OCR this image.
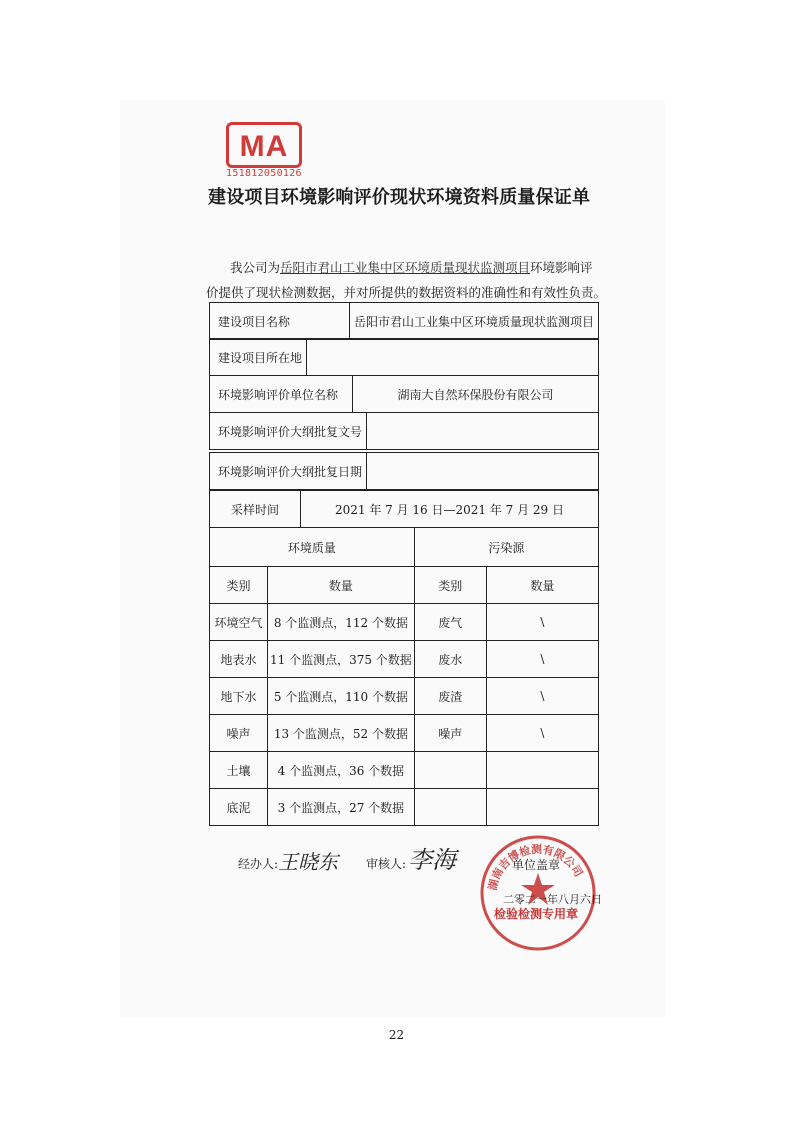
MA
151812050126
建设项目环境影响评价现状环境资料质量保证单
我公司为岳阳市君山工业集中区环境质量现状监测项目环境影响评
价提供了现状检测数据，并对所提供的数据资料的准确性和有效性负责。
建设项目名称	岳阳市君山工业集中区环境质量现状监测项目
建设项目所在地	
环境影响评价单位名称	湖南大自然环保股份有限公司
环境影响评价大纲批复文号	
环境影响评价大纲批复日期	
采样时间	2021 年 7 月 16 日—2021 年 7 月 29 日
环境质量		污染源	
类别	数量	类别	数量
环境空气	8 个监测点，112 个数据	废气	\
地表水	11 个监测点，375 个数据	废水	\
地下水	5 个监测点，110 个数据	废渣	\
噪声	13 个监测点，52 个数据	噪声	\
土壤	4 个监测点，36 个数据		
底泥	3 个监测点，27 个数据		
经办人: 王晓东 审核人: 李海
湖南吉博检测有限公司
单位盖章
二零二一年八月六日
检验检测专用章
22
